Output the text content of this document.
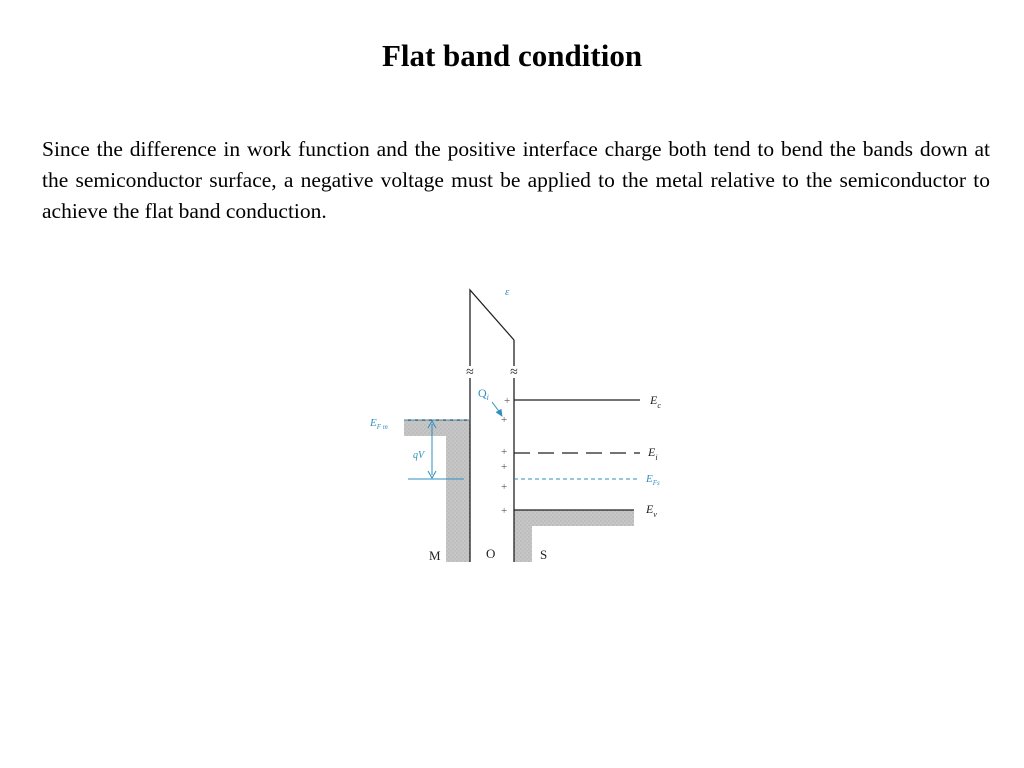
Flat band condition

Since the difference in work function and the positive interface charge both tend to bend the bands down at the semiconductor surface, a negative voltage must be applied to the metal relative to the semiconductor to achieve the flat band conduction.

≈	≈
ε
$E_c$
$E_i$
$E_{Fs}$
$E_v$
$E_{F m}$
qV
$Q_i$ +
+
+
+
+
+
M	O	S
